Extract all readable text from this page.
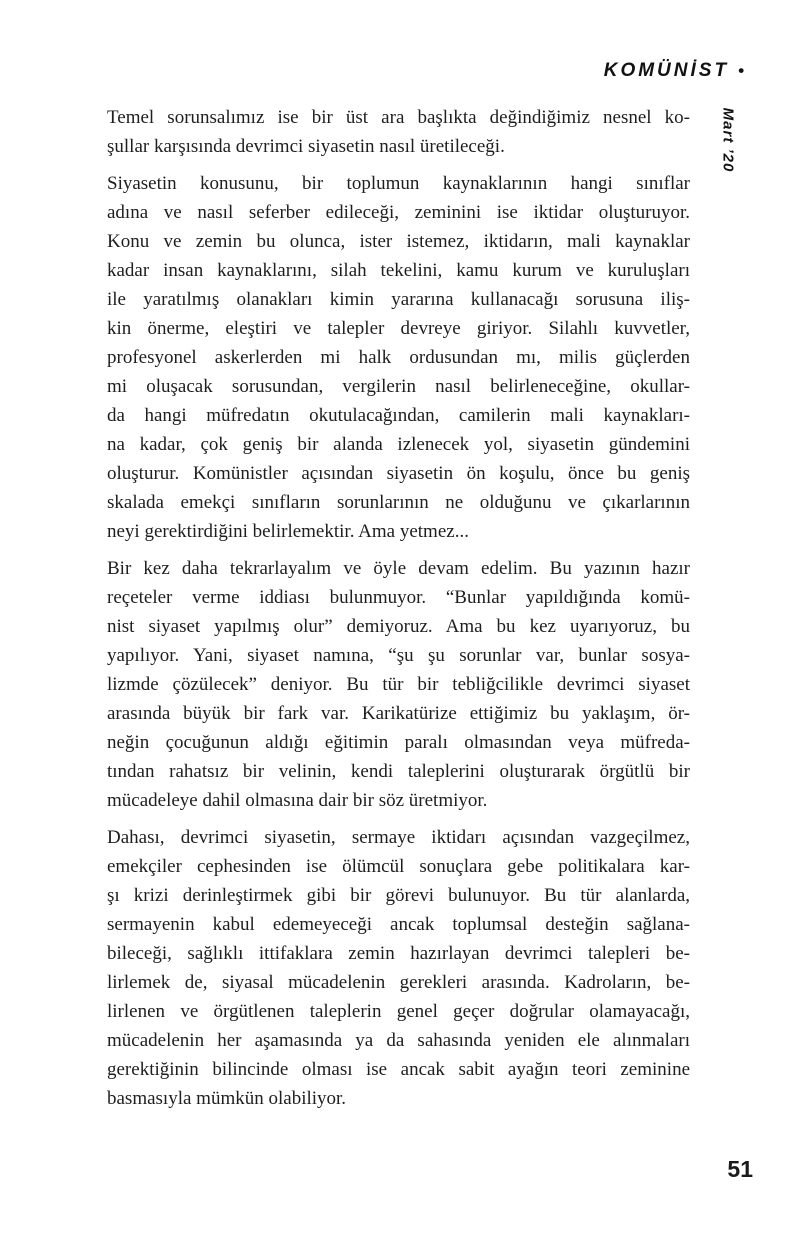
KOMÜNİST •
Mart ’20
Temel sorunsalımız ise bir üst ara başlıkta değindiğimiz nesnel ko-
şullar karşısında devrimci siyasetin nasıl üretileceği.
Siyasetin konusunu, bir toplumun kaynaklarının hangi sınıflar
adına ve nasıl seferber edileceği, zeminini ise iktidar oluşturuyor.
Konu ve zemin bu olunca, ister istemez, iktidarın, mali kaynaklar
kadar insan kaynaklarını, silah tekelini, kamu kurum ve kuruluşları
ile yaratılmış olanakları kimin yararına kullanacağı sorusuna iliş-
kin önerme, eleştiri ve talepler devreye giriyor. Silahlı kuvvetler,
profesyonel askerlerden mi halk ordusundan mı, milis güçlerden
mi oluşacak sorusundan, vergilerin nasıl belirleneceğine, okullar-
da hangi müfredatın okutulacağından, camilerin mali kaynakları-
na kadar, çok geniş bir alanda izlenecek yol, siyasetin gündemini
oluşturur. Komünistler açısından siyasetin ön koşulu, önce bu geniş
skalada emekçi sınıfların sorunlarının ne olduğunu ve çıkarlarının
neyi gerektirdiğini belirlemektir. Ama yetmez...
Bir kez daha tekrarlayalım ve öyle devam edelim. Bu yazının hazır
reçeteler verme iddiası bulunmuyor. “Bunlar yapıldığında komü-
nist siyaset yapılmış olur” demiyoruz. Ama bu kez uyarıyoruz, bu
yapılıyor. Yani, siyaset namına, “şu şu sorunlar var, bunlar sosya-
lizmde çözülecek” deniyor. Bu tür bir tebliğcilikle devrimci siyaset
arasında büyük bir fark var. Karikatürize ettiğimiz bu yaklaşım, ör-
neğin çocuğunun aldığı eğitimin paralı olmasından veya müfreda-
tından rahatsız bir velinin, kendi taleplerini oluşturarak örgütlü bir
mücadeleye dahil olmasına dair bir söz üretmiyor.
Dahası, devrimci siyasetin, sermaye iktidarı açısından vazgeçilmez,
emekçiler cephesinden ise ölümcül sonuçlara gebe politikalara kar-
şı krizi derinleştirmek gibi bir görevi bulunuyor. Bu tür alanlarda,
sermayenin kabul edemeyeceği ancak toplumsal desteğin sağlana-
bileceği, sağlıklı ittifaklara zemin hazırlayan devrimci talepleri be-
lirlemek de, siyasal mücadelenin gerekleri arasında. Kadroların, be-
lirlenen ve örgütlenen taleplerin genel geçer doğrular olamayacağı,
mücadelenin her aşamasında ya da sahasında yeniden ele alınmaları
gerektiğinin bilincinde olması ise ancak sabit ayağın teori zeminine
basmasıyla mümkün olabiliyor.
51
